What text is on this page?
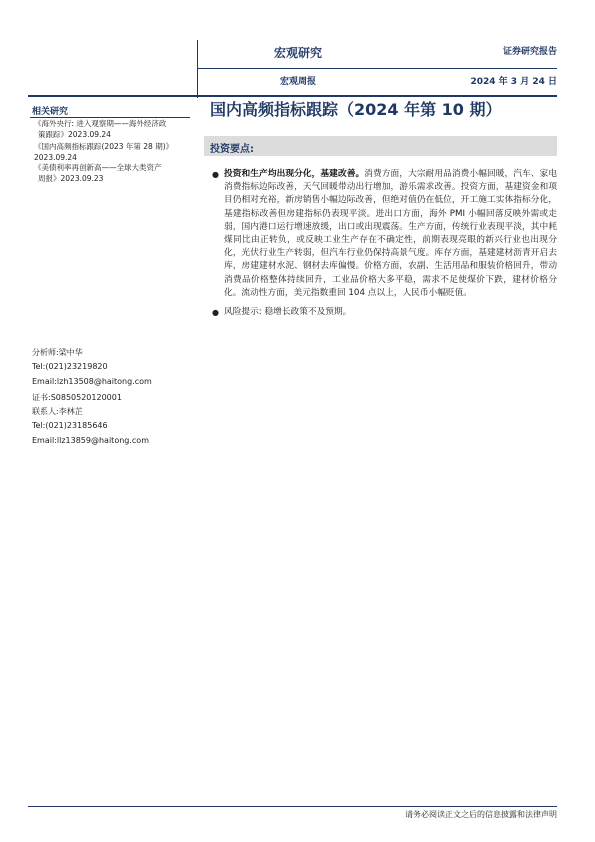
宏观研究
宏观周报
证券研究报告
2024 年 3 月 24 日
国内高频指标跟踪（2024 年第 10 期）
投资要点:
相关研究
《海外央行: 进入观察期——海外经济政
策跟踪》2023.09.24
《国内高频指标跟踪(2023 年第 28 期)》
2023.09.24
《美债利率再创新高——全球大类资产
周报》2023.09.23
分析师:梁中华
Tel:(021)23219820
Email:lzh13508@haitong.com
证书:S0850520120001
联系人:李林芷
Tel:(021)23185646
Email:llz13859@haitong.com
● 投资和生产均出现分化，基建改善。消费方面，大宗耐用品消费小幅回暖，汽车、家电消费指标边际改善，天气回暖带动出行增加，游乐需求改善。投资方面，基建资金和项目仍相对充裕，新房销售小幅边际改善，但绝对值仍在低位，开工施工实体指标分化，基建指标改善但房建指标仍表现平淡。进出口方面，海外 PMI 小幅回落反映外需或走弱，国内港口运行增速放缓，出口或出现震荡。生产方面，传统行业表现平淡，其中耗煤同比由正转负，或反映工业生产存在不确定性，前期表现亮眼的新兴行业也出现分化，光伏行业生产转弱，但汽车行业仍保持高景气度。库存方面，基建建材沥青开启去库，房建建材水泥、钢材去库偏慢。价格方面，农副、生活用品和服装价格回升，带动消费品价格整体持续回升，工业品价格大多平稳，需求不足使煤价下跌，建材价格分化。流动性方面，美元指数重回 104 点以上，人民币小幅贬值。
● 风险提示: 稳增长政策不及预期。
请务必阅读正文之后的信息披露和法律声明
